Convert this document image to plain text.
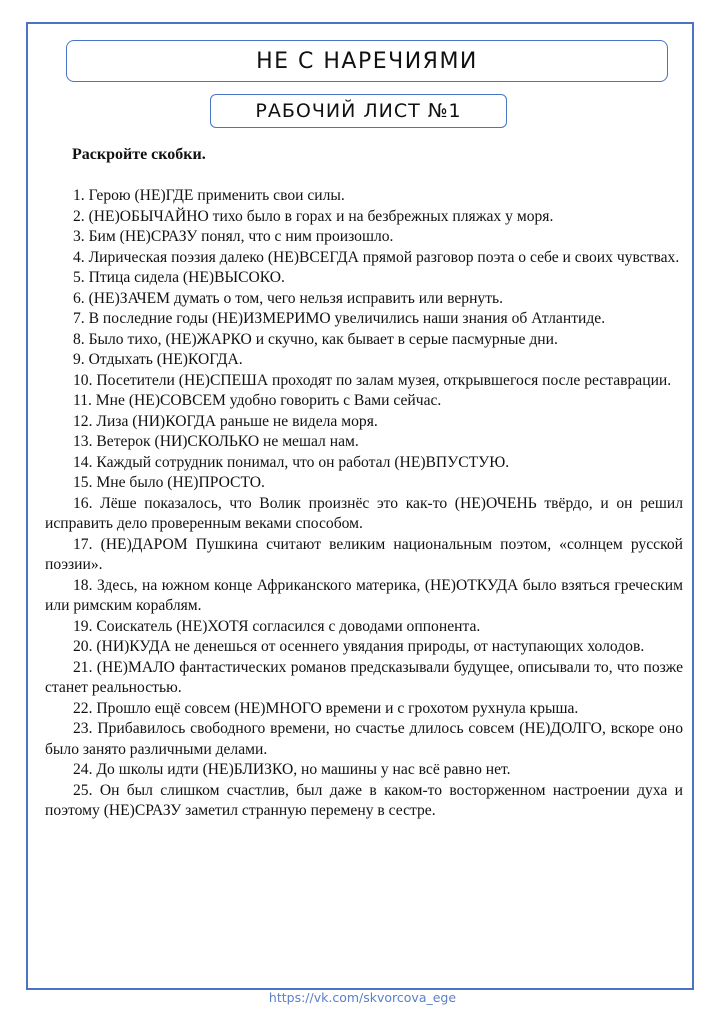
НЕ С НАРЕЧИЯМИ
РАБОЧИЙ ЛИСТ №1
Раскройте скобки.
1. Герою (НЕ)ГДЕ применить свои силы.
2. (НЕ)ОБЫЧАЙНО тихо было в горах и на безбрежных пляжах у моря.
3. Бим (НЕ)СРАЗУ понял, что с ним произошло.
4. Лирическая поэзия далеко (НЕ)ВСЕГДА прямой разговор поэта о себе и своих чувствах.
5. Птица сидела (НЕ)ВЫСОКО.
6. (НЕ)ЗАЧЕМ думать о том, чего нельзя исправить или вернуть.
7. В последние годы (НЕ)ИЗМЕРИМО увеличились наши знания об Атлантиде.
8. Было тихо, (НЕ)ЖАРКО и скучно, как бывает в серые пасмурные дни.
9. Отдыхать (НЕ)КОГДА.
10. Посетители (НЕ)СПЕША проходят по залам музея, открывшегося после реставрации.
11. Мне (НЕ)СОВСЕМ удобно говорить с Вами сейчас.
12. Лиза (НИ)КОГДА раньше не видела моря.
13. Ветерок (НИ)СКОЛЬКО не мешал нам.
14. Каждый сотрудник понимал, что он работал (НЕ)ВПУСТУЮ.
15. Мне было (НЕ)ПРОСТО.
16. Лёше показалось, что Волик произнёс это как-то (НЕ)ОЧЕНЬ твёрдо, и он решил исправить дело проверенным веками способом.
17. (НЕ)ДАРОМ Пушкина считают великим национальным поэтом, «солнцем русской поэзии».
18. Здесь, на южном конце Африканского материка, (НЕ)ОТКУДА было взяться греческим или римским кораблям.
19. Соискатель (НЕ)ХОТЯ согласился с доводами оппонента.
20. (НИ)КУДА не денешься от осеннего увядания природы, от наступающих холодов.
21. (НЕ)МАЛО фантастических романов предсказывали будущее, описывали то, что позже станет реальностью.
22. Прошло ещё совсем (НЕ)МНОГО времени и с грохотом рухнула крыша.
23. Прибавилось свободного времени, но счастье длилось совсем (НЕ)ДОЛГО, вскоре оно было занято различными делами.
24. До школы идти (НЕ)БЛИЗКО, но машины у нас всё равно нет.
25. Он был слишком счастлив, был даже в каком-то восторженном настроении духа и поэтому (НЕ)СРАЗУ заметил странную перемену в сестре.
https://vk.com/skvorcova_ege
